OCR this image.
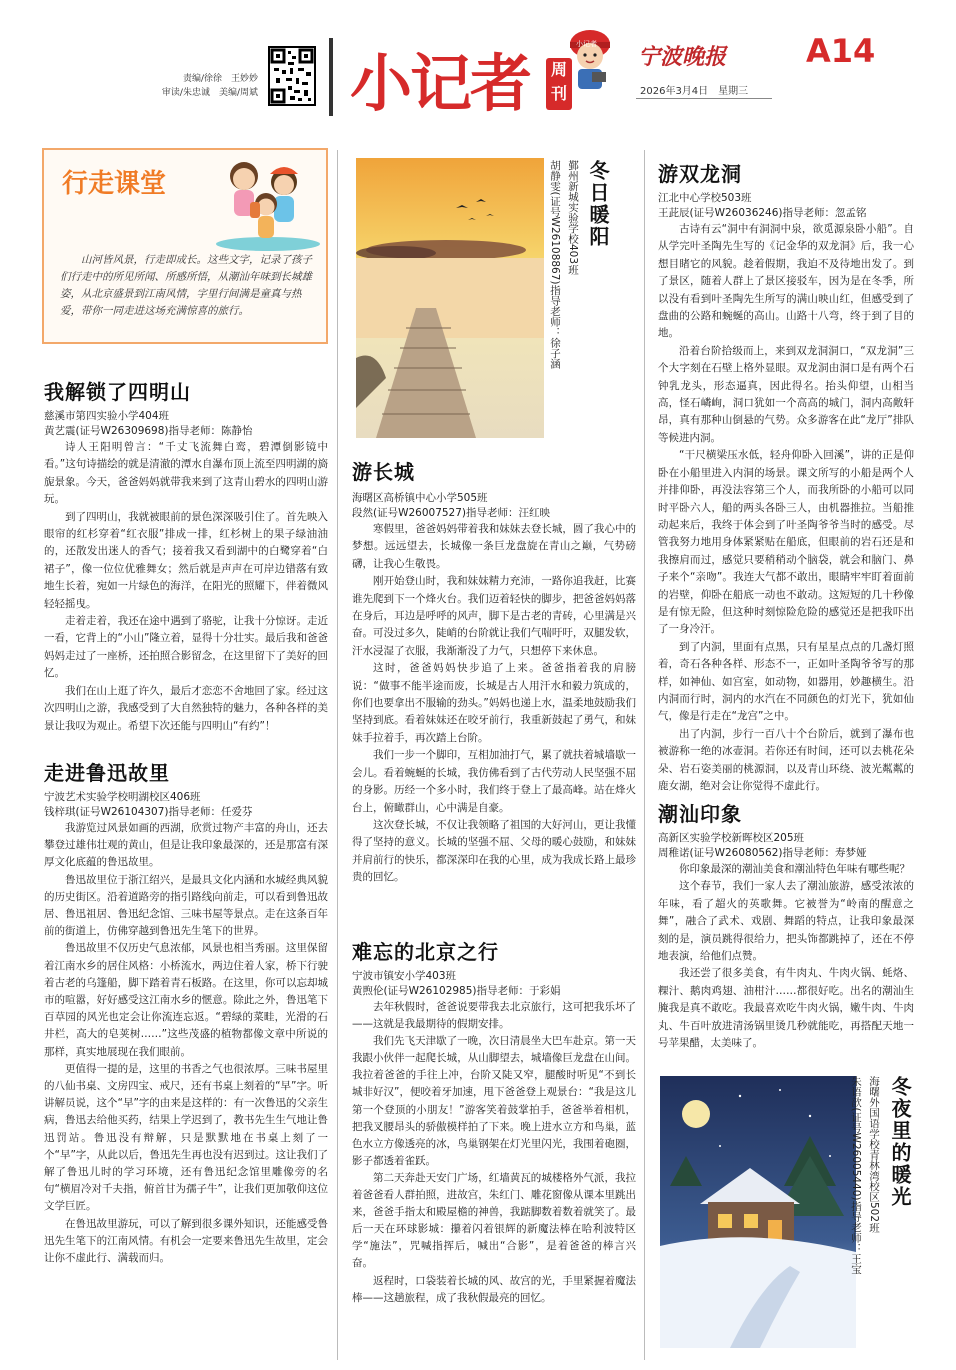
责编/徐徐　王妙妙
审读/朱忠诚　美编/周斌 小记者	周刊
小记者 宁波晚报
2026年3月4日　星期三
A14
行走课堂
山河皆风景，行走即成长。这些文字，记录了孩子们行走中的所见所闻、所感所悟，从潮汕年味到长城雄姿，从北京盛景到江南风情，字里行间满是童真与热爱，带你一同走进这场充满惊喜的旅行。
我解锁了四明山
慈溪市第四实验小学404班
黄艺震(证号W26309698)指导老师：陈静怡

诗人王阳明曾言：“千丈飞流舞白鸾，碧潭倒影镜中看。”这句诗描绘的就是清澈的潭水自瀑布顶上流至四明湖的旖旎景象。今天，爸爸妈妈就带我来到了这青山碧水的四明山游玩。

到了四明山，我就被眼前的景色深深吸引住了。首先映入眼帘的红杉穿着“红衣服”排成一排，红杉树上的果子绿油油的，还散发出迷人的香气；接着我又看到湖中的白鹭穿着“白裙子”，像一位位优雅舞女；然后就是声声在可岸边错落有致地生长着，宛如一片绿色的海洋，在阳光的照耀下，伴着微风轻轻摇曳。

走着走着，我还在途中遇到了骆驼，让我十分惊讶。走近一看，它背上的“小山”隆立着，显得十分壮实。最后我和爸爸妈妈走过了一座桥，还拍照合影留念，在这里留下了美好的回忆。

我们在山上逛了许久，最后才恋恋不舍地回了家。经过这次四明山之游，我感受到了大自然独特的魅力，各种各样的美景让我叹为观止。希望下次还能与四明山“有约”！

走进鲁迅故里
宁波艺术实验学校明湖校区406班
钱梓琪(证号W26104307)指导老师：任爱芬

我游览过风景如画的西湖，欣赏过物产丰富的舟山，还去攀登过雄伟壮观的黄山，但是让我印象最深的，还是那富有深厚文化底蕴的鲁迅故里。

鲁迅故里位于浙江绍兴，是最具文化内涵和水城经典风貌的历史街区。沿着道路旁的指引路线向前走，可以看到鲁迅故居、鲁迅祖居、鲁迅纪念馆、三味书屋等景点。走在这条百年前的街道上，仿佛穿越到鲁迅先生笔下的世界。

鲁迅故里不仅历史气息浓郁，风景也相当秀丽。这里保留着江南水乡的居住风格：小桥流水，两边住着人家，桥下行驶着古老的乌篷船，脚下踏着青石板路。在这里，你可以忘却城市的喧嚣，好好感受这江南水乡的惬意。除此之外，鲁迅笔下百草园的风光也定会让你流连忘返。“碧绿的菜畦，光滑的石井栏，高大的皂荚树……”这些茂盛的植物都像文章中所说的那样，真实地展现在我们眼前。

更值得一提的是，这里的书香之气也很浓厚。三味书屋里的八仙书桌、文房四宝、戒尺，还有书桌上刻着的“早”字。听讲解员说，这个“早”字的由来是这样的：有一次鲁迅的父亲生病，鲁迅去给他买药，结果上学迟到了，教书先生生气地让鲁迅罚站。鲁迅没有辩解，只是默默地在书桌上刻了一个“早”字，从此以后，鲁迅先生再也没有迟到过。这让我们了解了鲁迅儿时的学习环境，还有鲁迅纪念馆里雕像旁的名句“横眉冷对千夫指，俯首甘为孺子牛”，让我们更加敬仰这位文学巨匠。

在鲁迅故里游玩，可以了解到很多课外知识，还能感受鲁迅先生笔下的江南风情。有机会一定要来鲁迅先生故里，定会让你不虚此行、满载而归。

冬日暖阳
鄞州新城实验学校403班
胡静雯(证号W26108867)指导老师：徐子涵
游长城
海曙区高桥镇中心小学505班
段然(证号W26007527)指导老师：汪红映

寒假里，爸爸妈妈带着我和妹妹去登长城，圆了我心中的梦想。远远望去，长城像一条巨龙盘旋在青山之巅，气势磅礴，让我心生敬畏。

刚开始登山时，我和妹妹精力充沛，一路你追我赶，比赛谁先爬到下一个烽火台。我们迈着轻快的脚步，把爸爸妈妈落在身后，耳边是呼呼的风声，脚下是古老的青砖，心里满是兴奋。可没过多久，陡峭的台阶就让我们气喘吁吁，双腿发软，汗水浸湿了衣服，我渐渐没了力气，只想停下来休息。

这时，爸爸妈妈快步追了上来。爸爸指着我的肩膀说：“做事不能半途而废，长城是古人用汗水和毅力筑成的，你们也要拿出不服输的劲头。”妈妈也递上水，温柔地鼓励我们坚持到底。看着妹妹还在咬牙前行，我重新鼓起了勇气，和妹妹手拉着手，再次踏上台阶。

我们一步一个脚印，互相加油打气，累了就扶着城墙歇一会儿。看着蜿蜒的长城，我仿佛看到了古代劳动人民坚强不屈的身影。历经一个多小时，我们终于登上了最高峰。站在烽火台上，俯瞰群山，心中满是自豪。

这次登长城，不仅让我领略了祖国的大好河山，更让我懂得了坚持的意义。长城的坚强不屈、父母的暖心鼓励，和妹妹并肩前行的快乐，都深深印在我的心里，成为我成长路上最珍贵的回忆。

难忘的北京之行
宁波市镇安小学403班
黄煦伦(证号W26102985)指导老师：于彩娟

去年秋假时，爸爸说要带我去北京旅行，这可把我乐坏了——这就是我最期待的假期安排。

我们先飞天津歇了一晚，次日清晨坐大巴车赴京。第一天我跟小伙伴一起爬长城，从山脚望去，城墙像巨龙盘在山间。我拉着爸爸的手往上冲，台阶又陡又窄，腿酸时听见“不到长城非好汉”，便咬着牙加速，甩下爸爸登上观景台：“我是这儿第一个登顶的小朋友！”游客笑着鼓掌拍手，爸爸举着相机，把我叉腰昂头的骄傲模样拍了下来。晚上进水立方和鸟巢，蓝色水立方像透亮的冰，鸟巢钢架在灯光里闪光，我围着砲圈，影子都透着雀跃。

第二天奔赴天安门广场，红墙黄瓦的城楼格外气派，我拉着爸爸看人群拍照，进故宫，朱红门、雕花窗像从课本里跳出来，爸爸手指太和殿屋檐的神兽，我踮脚数着数着就笑了。最后一天在环球影城：攥着闪着银辉的新魔法棒在哈利波特区学“施法”，咒喊指挥后，喊出“合影”，是着爸爸的棒言兴奋。

返程时，口袋装着长城的风、故宫的光，手里紧握着魔法棒——这趟旅程，成了我秋假最亮的回忆。

游双龙洞
江北中心学校503班
王茈辰(证号W26036246)指导老师：忽孟铭

古诗有云“洞中有洞洞中泉，欲觅源泉卧小船”。自从学完叶圣陶先生写的《记金华的双龙洞》后，我一心想目睹它的风貌。趁着假期，我迫不及待地出发了。到了景区，随着人群上了景区接驳车，因为是在冬季，所以没有看到叶圣陶先生所写的满山映山红，但感受到了盘曲的公路和蜿蜒的高山。山路十八弯，终于到了目的地。

沿着台阶拾级而上，来到双龙洞洞口，“双龙洞”三个大字刻在石壁上格外显眼。双龙洞由洞口是有两个石钟乳龙头，形态逼真，因此得名。抬头仰望，山相当高，怪石嶙峋，洞口犹如一个高高的城门，洞内高敞轩昂，真有那种山倒悬的气势。众多游客在此“龙厅”排队等候进内洞。

“干尺横梁压水低，轻舟仰卧入回溪”，讲的正是仰卧在小船里进入内洞的场景。课文所写的小船是两个人并排仰卧，再没法容第三个人，而我所卧的小船可以同时平卧六人，船的两头各卧三人，由机器推拉。当船推动起来后，我终于体会到了叶圣陶爷爷当时的感受。尽管我努力地用身体紧紧贴在船底，但眼前的岩石还是和我擦肩而过，感觉只要稍稍动个脑袋，就会和脑门、鼻子来个“亲吻”。我连大气都不敢出，眼睛牢牢盯着面前的岩壁，仰卧在船底一动也不敢动。这短短的几十秒像是有惊无险，但这种时刻惊险危险的感觉还是把我吓出了一身冷汗。

到了内洞，里面有点黑，只有星星点点的几盏灯照着，奇石各种各样、形态不一，正如叶圣陶爷爷写的那样，如神仙、如宫室，如动物，如器用，妙趣横生。沿内洞而行时，洞内的水汽在不同颜色的灯光下，犹如仙气，像是行走在“龙宫”之中。

出了内洞，步行一百八十个台阶后，就到了瀑布也被游称一绝的冰壶洞。若你还有时间，还可以去桃花朵朵、岩石姿美丽的桃源洞，以及青山环绕、波光粼粼的鹿女湖，绝对会让你觉得不虚此行。

潮汕印象
高新区实验学校新晖校区205班
周稚诺(证号W26080562)指导老师：寿梦娅

你印象最深的潮汕美食和潮汕特色年味有哪些呢？

这个春节，我们一家人去了潮汕旅游，感受浓浓的年味，看了超火的英歌舞。它被誉为“岭南的醒意之舞”，融合了武术、戏剧、舞蹈的特点，让我印象最深刻的是，演员跳得很给力，把头饰都跳掉了，还在不停地表演，给他们点赞。

我还尝了很多美食，有牛肉丸、牛肉火锅、蚝烙、粿汁、鹅肉鸡翅、油柑汁……都很好吃。出名的潮汕生腌我是真不敢吃。我最喜欢吃牛肉火锅，嫩牛肉、牛肉丸、牛百叶放进清汤锅里烫几秒就能吃，再搭配天地一号苹果醋，太美味了。

冬夜里的暖光
海曙外国语学校青林湾校区502班
朱语歆(证号W26005440)指导老师：王宝
